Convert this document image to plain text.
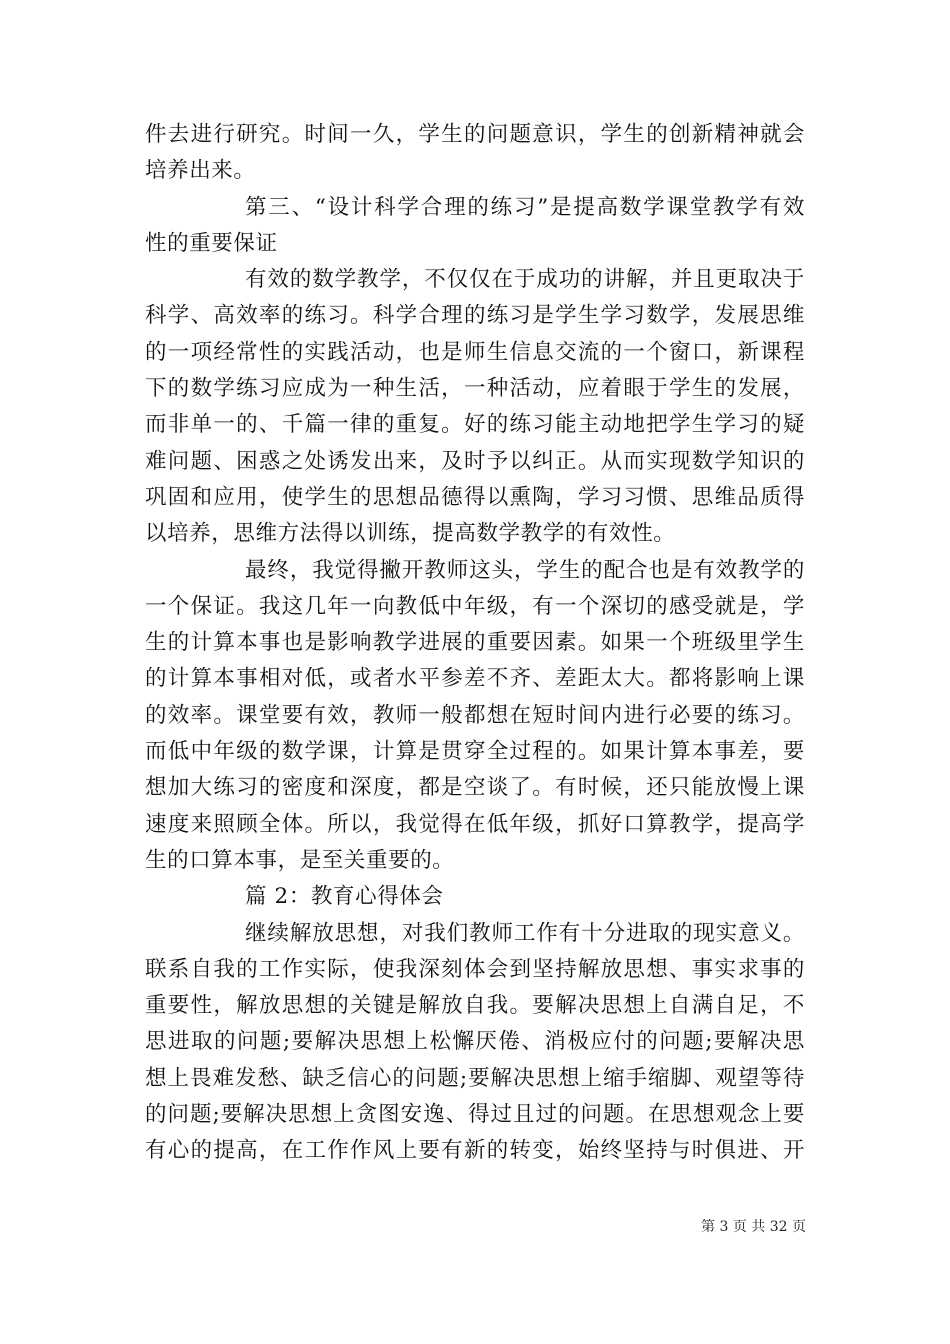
件去进行研究。时间一久，学生的问题意识，学生的创新精神就会
培养出来。
第三、“设计科学合理的练习”是提高数学课堂教学有效
性的重要保证
有效的数学教学，不仅仅在于成功的讲解，并且更取决于
科学、高效率的练习。科学合理的练习是学生学习数学，发展思维
的一项经常性的实践活动，也是师生信息交流的一个窗口，新课程
下的数学练习应成为一种生活，一种活动，应着眼于学生的发展，
而非单一的、千篇一律的重复。好的练习能主动地把学生学习的疑
难问题、困惑之处诱发出来，及时予以纠正。从而实现数学知识的
巩固和应用，使学生的思想品德得以熏陶，学习习惯、思维品质得
以培养，思维方法得以训练，提高数学教学的有效性。
最终，我觉得撇开教师这头，学生的配合也是有效教学的
一个保证。我这几年一向教低中年级，有一个深切的感受就是，学
生的计算本事也是影响教学进展的重要因素。如果一个班级里学生
的计算本事相对低，或者水平参差不齐、差距太大。都将影响上课
的效率。课堂要有效，教师一般都想在短时间内进行必要的练习。
而低中年级的数学课，计算是贯穿全过程的。如果计算本事差，要
想加大练习的密度和深度，都是空谈了。有时候，还只能放慢上课
速度来照顾全体。所以，我觉得在低年级，抓好口算教学，提高学
生的口算本事，是至关重要的。
篇 2：教育心得体会
继续解放思想，对我们教师工作有十分进取的现实意义。
联系自我的工作实际，使我深刻体会到坚持解放思想、事实求事的
重要性，解放思想的关键是解放自我。要解决思想上自满自足，不
思进取的问题;要解决思想上松懈厌倦、消极应付的问题;要解决思
想上畏难发愁、缺乏信心的问题;要解决思想上缩手缩脚、观望等待
的问题;要解决思想上贪图安逸、得过且过的问题。在思想观念上要
有心的提高，在工作作风上要有新的转变，始终坚持与时俱进、开
第 3 页 共 32 页
